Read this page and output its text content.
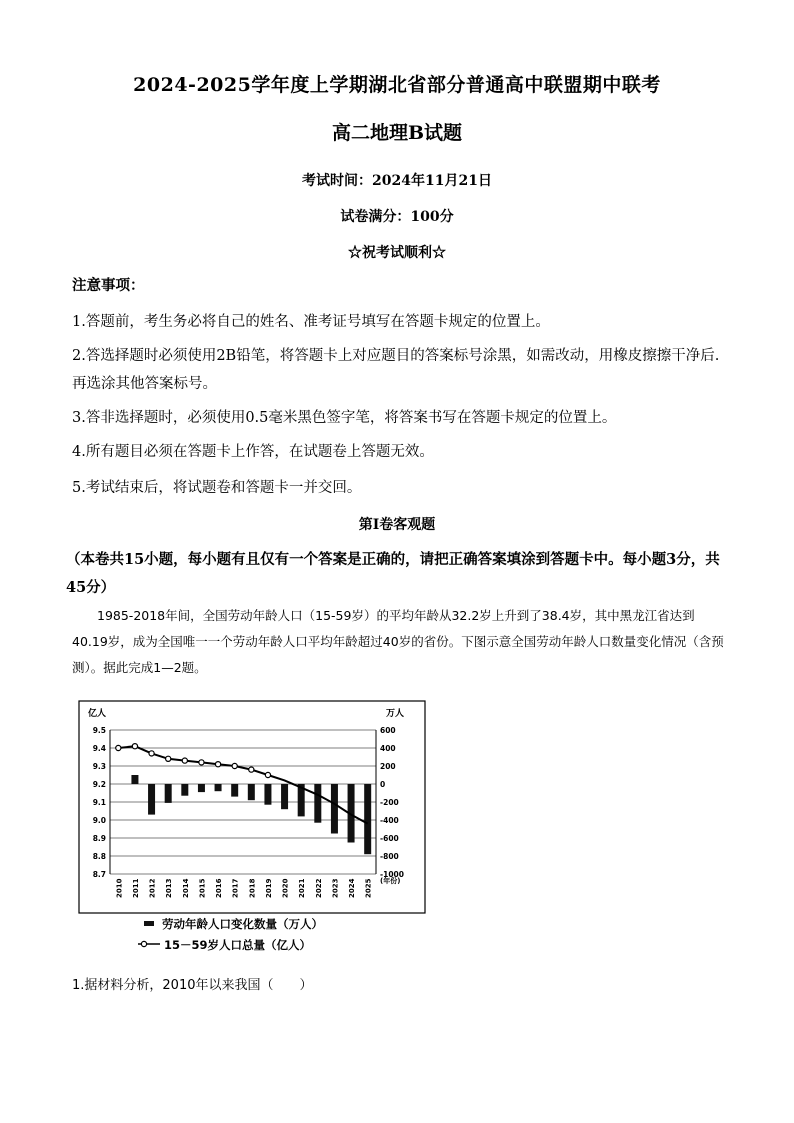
2024-2025学年度上学期湖北省部分普通高中联盟期中联考
高二地理B试题
考试时间：2024年11月21日
试卷满分：100分
☆祝考试顺利☆
注意事项：
1.答题前，考生务必将自己的姓名、准考证号填写在答题卡规定的位置上。
2.答选择题时必须使用2B铅笔，将答题卡上对应题目的答案标号涂黑，如需改动，用橡皮擦擦干净后.再选涂其他答案标号。
3.答非选择题时，必须使用0.5毫米黑色签字笔，将答案书写在答题卡规定的位置上。
4.所有题目必须在答题卡上作答，在试题卷上答题无效。
5.考试结束后，将试题卷和答题卡一并交回。
第Ⅰ卷客观题
（本卷共15小题，每小题有且仅有一个答案是正确的，请把正确答案填涂到答题卡中。每小题3分，共45分）
1985-2018年间，全国劳动年龄人口（15-59岁）的平均年龄从32.2岁上升到了38.4岁，其中黑龙江省达到40.19岁，成为全国唯一一个劳动年龄人口平均年龄超过40岁的省份。下图示意全国劳动年龄人口数量变化情况（含预测）。据此完成1—2题。
亿人	万人
9.5
9.4
9.3
9.2
9.1
9.0
8.9
8.8
8.7
600
400
200
0
-200
-400
-600
-800
-1000
2010 2011 2012 2013 2014 2015 2016 2017 2018 2019 2020 2021 2022 2023 2024 2025 (年份)
劳动年龄人口变化数量（万人）
15－59岁人口总量（亿人）
1.据材料分析，2010年以来我国（　　）
